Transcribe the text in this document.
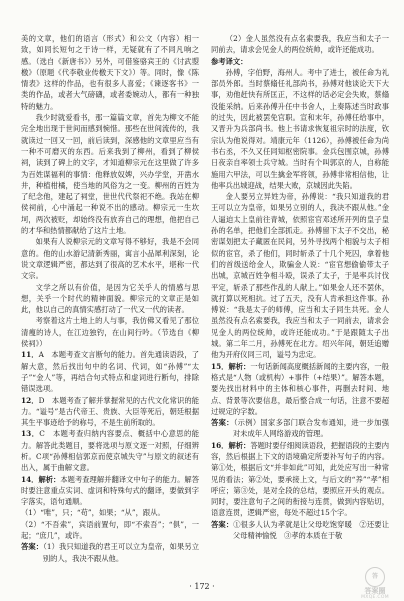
美的文章，他们的语言（形式）和公文（内容）相一致，如同长短句之于诗一样，无疑就有了不同凡响之感。（选自《新唐书》）另外，可借鉴骆宾王的《讨武曌檄》（原题《代李敬业传檄天下文》）等。同时，像《陈情表》这样的作品，也有很多人喜爱；《谏逐客书》一类的作品，或者大气磅礴，或者委婉动人，都有一种独特的魅力。

我少时就爱看书，那一篇篇文章，首先为柳文不能完全地出现于世间而感到惋惜。那些在世间流传的，我就读过一回又一回，前后读到，深感他的文章里应当有一种不可磨灭的东西。后来我到了柳州，看到了柳侯祠，读到了碑上的文字，才知道柳宗元在这里做了许多为百姓谋福利的事情：他释放奴婢，兴办学堂，开凿水井，种植柑橘，使当地的风俗为之一变。柳州的百姓为了纪念他，建起了祠堂，世世代代祭祀不绝。我站在柳侯祠前，心中涌起一种说不出的感动。柳宗元一生坎坷，两次被贬，却始终没有放弃自己的理想，他把自己的才华和热情都献给了这片土地。

如果有人说柳宗元的文章写得不够好，我是不会同意的。他的山水游记清新秀丽，寓言小品犀利深刻，论说文章逻辑严密，都达到了很高的艺术水平，堪称一代文宗。

文学之所以有价值，是因为它关乎人的情感与思想，关乎一个时代的精神面貌。柳宗元的文章正是如此，他以自己的真情实感打动了一代又一代的读者。

考察着这片土地上的人与事，我仿佛又看见了那位清瘦的诗人，在江边独钓，在山间行吟。（节选自《柳侯祠》）

11．A　本题考查文言断句的能力。首先通读语段，了解大意，然后找出句中的名词、代词，如“孙傅”“太子”“金人”等，再结合句式特点和虚词进行断句，排除错误选项。

12．D　本题考查了解并掌握常见的古代文化常识的能力。“谥号”是古代帝王、贵族、大臣等死后，朝廷根据其生平事迹给予的称号，不是生前所取的。

13．C　本题考查归纳内容要点、概括中心意思的能力。解答此类题目，要将选项与原文逐一对照，仔细辨析。C项“孙傅相信郭京而使京城失守”与原文的叙述有出入，属于曲解文意。

14．解析：本题考查理解并翻译文中句子的能力。解答时要注意重点实词、虚词和特殊句式的翻译，要做到字字落实，语句通顺。

（1）“唯”，只；“苟”，如果；“从”，跟从。

（2）“不吾索”，宾语前置句，即“不索吾”；“俱”，一起；“庶几”，或许。

答案：（1）我只知道我的君王可以立为皇帝，如果另立别的人，我决不跟从他。

（2）金人虽然没有点名索要我，我应当和太子一同前去，请求会见金人的两位统帅，或许还能成功。

参考译文：

孙傅，字伯野，海州人。考中了进士，被任命为礼部员外郎。当时蔡翛任礼部尚书，孙傅对他谈论天下大事，劝他赶快有所匡正，不这样的话必定会失败，蔡翛没能采纳。后来孙傅升任中书舍人，上奏陈述当时政事的过失，因此被罢免官职。宣和末年，孙傅任给事中，又晋升为兵部尚书。他上书请求恢复祖宗时的法度，钦宗认为他说得对。靖康元年（1126），孙傅被任命为尚书右丞，不久又任同知枢密院事。金兵包围京城，孙傅日夜亲自率领士兵守城。当时有个叫郭京的人，自称能施用六甲法，可以生擒金军将领，孙傅非常相信他，让他率兵出城迎战，结果大败，京城因此失陷。

金人要另立异姓为帝，孙傅说：“我只知道我的君王可以立为皇帝，如果另立别的人，我决不跟从他。”金人逼迫太上皇前往青城，依照宦官邓述所开列的皇子皇孙的名单，把他们全部抓走。孙傅留下太子不交出，秘密谋划把太子藏匿在民间，另外寻找两个相貌与太子相似的宦官，杀了他们，同时斩杀了十几个死囚，拿着他们的首级送给金人，欺骗金人说：“宦官想偷偷带太子出城，京城百姓争相斗殴，误杀了太子，于是率兵讨伐平定，斩杀了那些作乱的人献上。”如果金人还不罢休，就打算以死相抗。过了五天，没有人肯承担这件事。孙傅说：“我是太子的师傅，应当和太子同生共死。金人虽然没有点名索要我，我应当和太子一同前去，请求会见金人的两位统帅，或许还能成功。”于是跟随太子出城。第二年二月，孙傅死在北方。绍兴年间，朝廷追赠他为开府仪同三司，谥号为忠定。

15．解析：一句话新闻高度概括新闻的主要内容，一般格式是“人物（或机构）+事件（+结果）”。解答本题，要先找出材料中的主体和核心事件，再删去时间、地点、背景等次要信息，最后整合成一句话，注意不要超过规定的字数。

答案：（示例）国家多部门联合发布通知，进一步加强对未成年人网络游戏的管理。

16．解析：答题时要仔细阅读语段，把握语段的主要内容，然后根据上下文的语境确定所要补写句子的内容。第①处，根据后文“并非如此”可知，此处应写出一种常见的看法；第②处，要承接上文，与后文的“养”“孝”相呼应；第③处，是对全段的总结，要照应开头的观点。同时，要注意句子之间的衔接与连贯，做到内容贴切，语意连贯，逻辑严密，每处不超过15个字。

答案：①很多人认为孝就是让父母吃饱穿暖　②还要让父母精神愉悦　③孝的本质在于敬

· 172 ·
答
答案圈
MXQE.COM
